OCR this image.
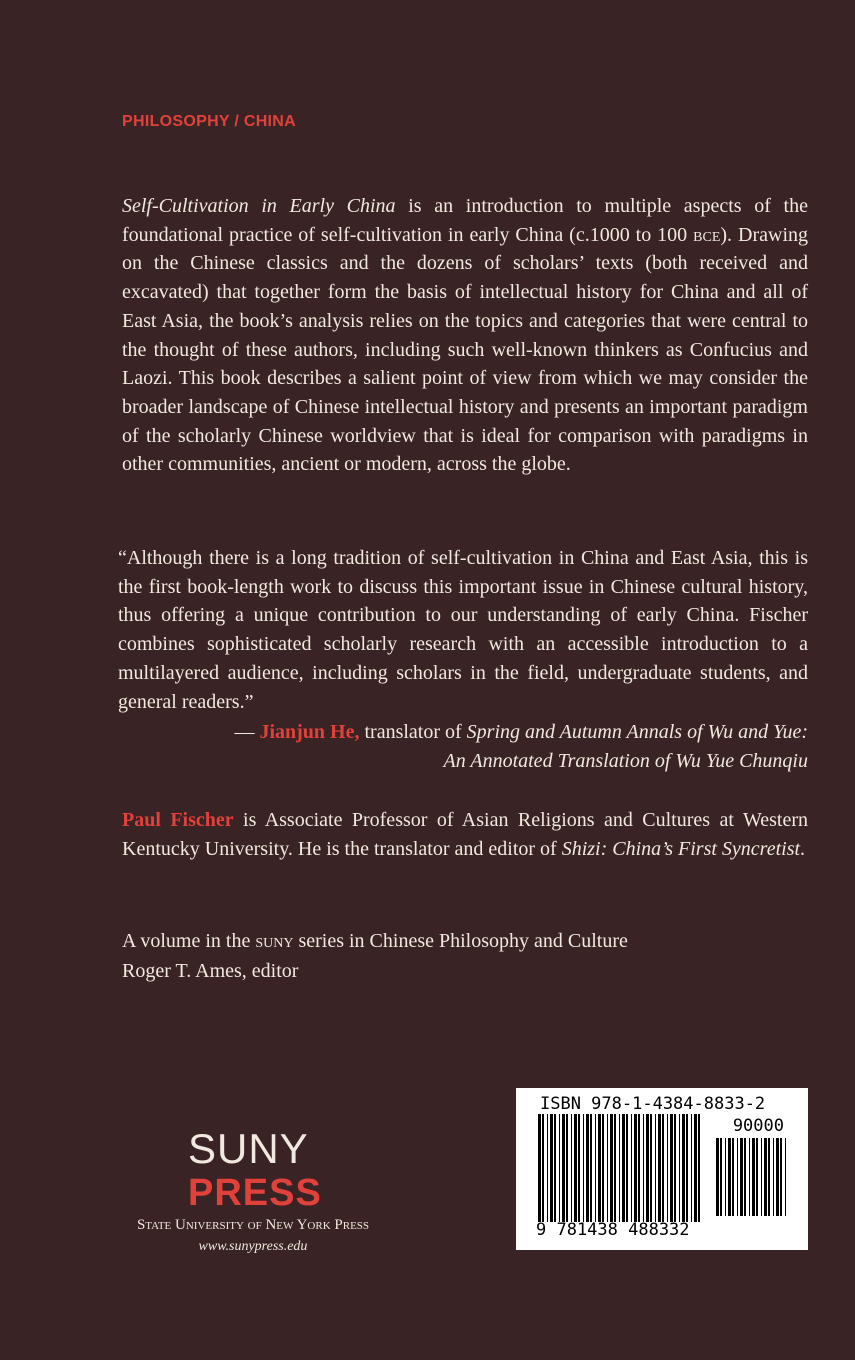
PHILOSOPHY / CHINA

Self-Cultivation in Early China is an introduction to multiple aspects of the foundational practice of self-cultivation in early China (c.1000 to 100 bce). Drawing on the Chinese classics and the dozens of scholars’ texts (both received and excavated) that together form the basis of intellectual history for China and all of East Asia, the book’s analysis relies on the topics and categories that were central to the thought of these authors, including such well-known thinkers as Confucius and Laozi. This book describes a salient point of view from which we may consider the broader landscape of Chinese intellectual history and presents an important paradigm of the scholarly Chinese worldview that is ideal for comparison with paradigms in other communities, ancient or modern, across the globe.

“Although there is a long tradition of self-cultivation in China and East Asia, this is the first book-length work to discuss this important issue in Chinese cultural history, thus offering a unique contribution to our understanding of early China. Fischer combines sophisticated scholarly research with an accessible introduction to a multilayered audience, including scholars in the field, undergraduate students, and general readers.”

— Jianjun He, translator of Spring and Autumn Annals of Wu and Yue:
An Annotated Translation of Wu Yue Chunqiu

Paul Fischer is Associate Professor of Asian Religions and Cultures at Western Kentucky University. He is the translator and editor of Shizi: China’s First Syncretist.

A volume in the suny series in Chinese Philosophy and Culture
Roger T. Ames, editor
SUNY
PRESS
State University of New York Press
www.sunypress.edu
ISBN 978-1-4384-8833-2
90000
9 781438 488332
